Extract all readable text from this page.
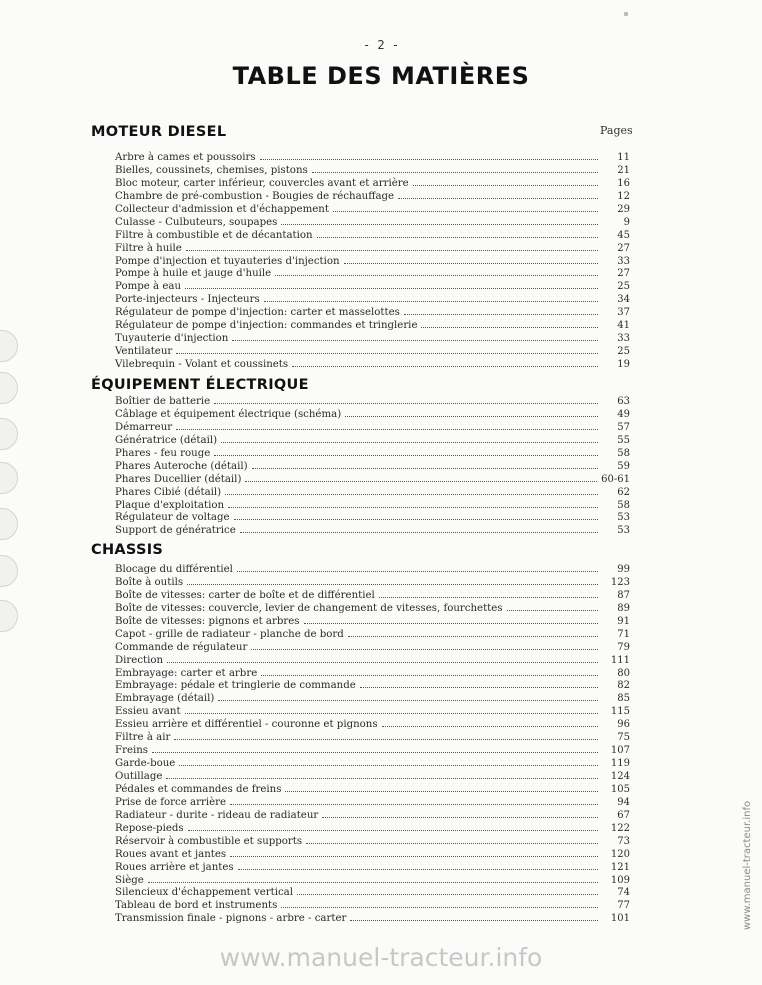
- 2 -
TABLE DES MATIÈRES
Pages
MOTEUR DIESEL
Arbre à cames et poussoirs	11
Bielles, coussinets, chemises, pistons	21
Bloc moteur, carter inférieur, couvercles avant et arrière	16
Chambre de pré-combustion - Bougies de réchauffage	12
Collecteur d'admission et d'échappement	29
Culasse - Culbuteurs, soupapes	9
Filtre à combustible et de décantation	45
Filtre à huile	27
Pompe d'injection et tuyauteries d'injection	33
Pompe à huile et jauge d'huile	27
Pompe à eau	25
Porte-injecteurs - Injecteurs	34
Régulateur de pompe d'injection: carter et masselottes	37
Régulateur de pompe d'injection: commandes et tringlerie	41
Tuyauterie d'injection	33
Ventilateur	25
Vilebrequin - Volant et coussinets	19
ÉQUIPEMENT ÉLECTRIQUE
Boîtier de batterie	63
Câblage et équipement électrique (schéma)	49
Démarreur	57
Génératrice (détail)	55
Phares - feu rouge	58
Phares Auteroche (détail)	59
Phares Ducellier (détail)	60-61
Phares Cibié (détail)	62
Plaque d'exploitation	58
Régulateur de voltage	53
Support de génératrice	53
CHASSIS
Blocage du différentiel	99
Boîte à outils	123
Boîte de vitesses: carter de boîte et de différentiel	87
Boîte de vitesses: couvercle, levier de changement de vitesses, fourchettes	89
Boîte de vitesses: pignons et arbres	91
Capot - grille de radiateur - planche de bord	71
Commande de régulateur	79
Direction	111
Embrayage: carter et arbre	80
Embrayage: pédale et tringlerie de commande	82
Embrayage (détail)	85
Essieu avant	115
Essieu arrière et différentiel - couronne et pignons	96
Filtre à air	75
Freins	107
Garde-boue	119
Outillage	124
Pédales et commandes de freins	105
Prise de force arrière	94
Radiateur - durite - rideau de radiateur	67
Repose-pieds	122
Réservoir à combustible et supports	73
Roues avant et jantes	120
Roues arrière et jantes	121
Siège	109
Silencieux d'échappement vertical	74
Tableau de bord et instruments	77
Transmission finale - pignons - arbre - carter	101
www.manuel-tracteur.info
www.manuel-tracteur.info
